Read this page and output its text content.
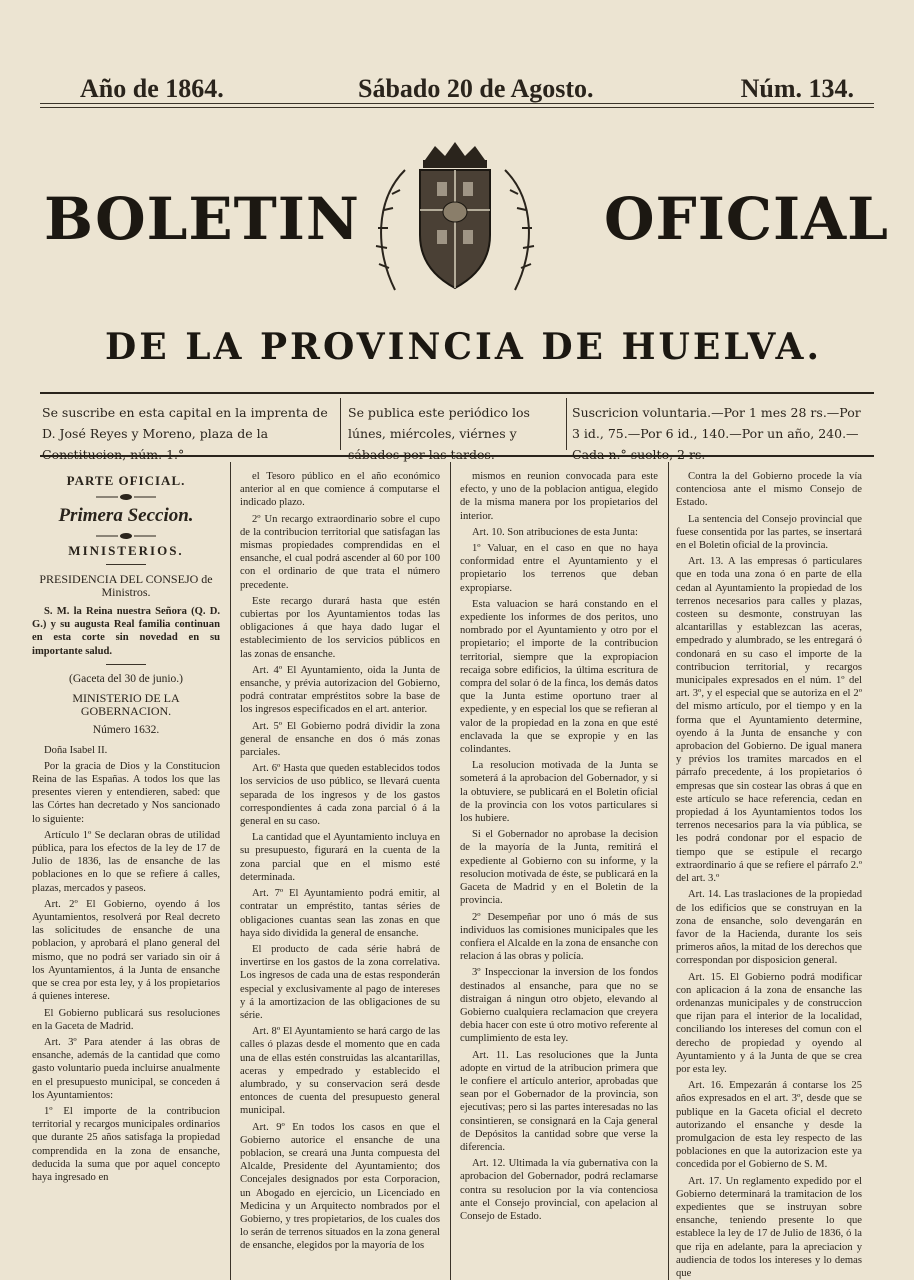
Año de 1864.	Sábado 20 de Agosto.	Núm. 134.
BOLETIN	OFICIAL
DE LA PROVINCIA DE HUELVA.
Se suscribe en esta capital en la imprenta de D. José Reyes y Moreno, plaza de la Constitucion, núm. 1.°
Se publica este periódico los lúnes, miércoles, viérnes y sábados por las tardes.
Suscricion voluntaria.—Por 1 mes 28 rs.—Por 3 id., 75.—Por 6 id., 140.—Por un año, 240.—Cada n.° suelto, 2 rs.

PARTE OFICIAL.

Primera Seccion.

MINISTERIOS.

PRESIDENCIA DEL CONSEJO de Ministros.

S. M. la Reina nuestra Señora (Q. D. G.) y su augusta Real familia continuan en esta corte sin novedad en su importante salud.

(Gaceta del 30 de junio.)

MINISTERIO DE LA GOBERNACION.

Número 1632.

Doña Isabel II.

Por la gracia de Dios y la Constitucion Reina de las Españas. A todos los que las presentes vieren y entendieren, sabed: que las Córtes han decretado y Nos sancionado lo siguiente:

Artículo 1º Se declaran obras de utilidad pública, para los efectos de la ley de 17 de Julio de 1836, las de ensanche de las poblaciones en lo que se refiere á calles, plazas, mercados y paseos.

Art. 2º El Gobierno, oyendo á los Ayuntamientos, resolverá por Real decreto las solicitudes de ensanche de una poblacion, y aprobará el plano general del mismo, que no podrá ser variado sin oir á los Ayuntamientos, á la Junta de ensanche que se crea por esta ley, y á los propietarios á quienes interese.

El Gobierno publicará sus resoluciones en la Gaceta de Madrid.

Art. 3º Para atender á las obras de ensanche, además de la cantidad que como gasto voluntario pueda incluirse anualmente en el presupuesto municipal, se conceden á los Ayuntamientos:

1º El importe de la contribucion territorial y recargos municipales ordinarios que durante 25 años satisfaga la propiedad comprendida en la zona de ensanche, deducida la suma que por aquel concepto haya ingresado en

el Tesoro público en el año económico anterior al en que comience á computarse el indicado plazo.

2º Un recargo extraordinario sobre el cupo de la contribucion territorial que satisfagan las mismas propiedades comprendidas en el ensanche, el cual podrá ascender al 60 por 100 con el ordinario de que trata el número precedente.

Este recargo durará hasta que estén cubiertas por los Ayuntamientos todas las obligaciones á que haya dado lugar el establecimiento de los servicios públicos en las zonas de ensanche.

Art. 4º El Ayuntamiento, oida la Junta de ensanche, y prévia autorizacion del Gobierno, podrá contratar empréstitos sobre la base de los ingresos especificados en el art. anterior.

Art. 5º El Gobierno podrá dividir la zona general de ensanche en dos ó más zonas parciales.

Art. 6º Hasta que queden establecidos todos los servicios de uso público, se llevará cuenta separada de los ingresos y de los gastos correspondientes á cada zona parcial ó á la general en su caso.

La cantidad que el Ayuntamiento incluya en su presupuesto, figurará en la cuenta de la zona parcial que en el mismo esté determinada.

Art. 7º El Ayuntamiento podrá emitir, al contratar un empréstito, tantas séries de obligaciones cuantas sean las zonas en que haya sido dividida la general de ensanche.

El producto de cada série habrá de invertirse en los gastos de la zona correlativa. Los ingresos de cada una de estas responderán especial y exclusivamente al pago de intereses y á la amortizacion de las obligaciones de su série.

Art. 8º El Ayuntamiento se hará cargo de las calles ó plazas desde el momento que en cada una de ellas estén construidas las alcantarillas, aceras y empedrado y establecido el alumbrado, y su conservacion será desde entonces de cuenta del presupuesto general municipal.

Art. 9º En todos los casos en que el Gobierno autorice el ensanche de una poblacion, se creará una Junta compuesta del Alcalde, Presidente del Ayuntamiento; dos Concejales designados por esta Corporacion, un Abogado en ejercicio, un Licenciado en Medicina y un Arquitecto nombrados por el Gobierno, y tres propietarios, de los cuales dos lo serán de terrenos situados en la zona general de ensanche, elegidos por la mayoría de los

mismos en reunion convocada para este efecto, y uno de la poblacion antigua, elegido de la misma manera por los propietarios del interior.

Art. 10. Son atribuciones de esta Junta:

1º Valuar, en el caso en que no haya conformidad entre el Ayuntamiento y el propietario los terrenos que deban expropiarse.

Esta valuacion se hará constando en el expediente los informes de dos peritos, uno nombrado por el Ayuntamiento y otro por el propietario; el importe de la contribucion territorial, siempre que la expropiacion recaiga sobre edificios, la última escritura de compra del solar ó de la finca, los demás datos que la Junta estime oportuno traer al expediente, y en especial los que se refieran al valor de la propiedad en la zona en que esté enclavada la que se expropie y en las colindantes.

La resolucion motivada de la Junta se someterá á la aprobacion del Gobernador, y si la obtuviere, se publicará en el Boletin oficial de la provincia con los votos particulares si los hubiere.

Si el Gobernador no aprobase la decision de la mayoría de la Junta, remitirá el expediente al Gobierno con su informe, y la resolucion motivada de éste, se publicará en la Gaceta de Madrid y en el Boletin de la provincia.

2º Desempeñar por uno ó más de sus individuos las comisiones municipales que les confiera el Alcalde en la zona de ensanche con relacion á las obras y policía.

3º Inspeccionar la inversion de los fondos destinados al ensanche, para que no se distraigan á ningun otro objeto, elevando al Gobierno cualquiera reclamacion que creyera debia hacer con este ú otro motivo referente al cumplimiento de esta ley.

Art. 11. Las resoluciones que la Junta adopte en virtud de la atribucion primera que le confiere el artículo anterior, aprobadas que sean por el Gobernador de la provincia, son ejecutivas; pero si las partes interesadas no las consintieren, se consignará en la Caja general de Depósitos la cantidad sobre que verse la diferencia.

Art. 12. Ultimada la vía gubernativa con la aprobacion del Gobernador, podrá reclamarse contra su resolucion por la vía contenciosa ante el Consejo provincial, con apelacion al Consejo de Estado.

Contra la del Gobierno procede la vía contenciosa ante el mismo Consejo de Estado.

La sentencia del Consejo provincial que fuese consentida por las partes, se insertará en el Boletin oficial de la provincia.

Art. 13. A las empresas ó particulares que en toda una zona ó en parte de ella cedan al Ayuntamiento la propiedad de los terrenos necesarios para calles y plazas, costeen su desmonte, construyan las alcantarillas y establezcan las aceras, empedrado y alumbrado, se les entregará ó condonará en su caso el importe de la contribucion territorial, y recargos municipales expresados en el núm. 1º del art. 3º, y el especial que se autoriza en el 2º del mismo artículo, por el tiempo y en la forma que el Ayuntamiento determine, oyendo á la Junta de ensanche y con aprobacion del Gobierno. De igual manera y prévios los tramites marcados en el párrafo precedente, á los propietarios ó empresas que sin costear las obras á que en este artículo se hace referencia, cedan en propiedad á los Ayuntamientos todos los terrenos necesarios para la vía pública, se les podrá condonar por el espacio de tiempo que se estipule el recargo extraordinario á que se refiere el párrafo 2.º del art. 3.º

Art. 14. Las traslaciones de la propiedad de los edificios que se construyan en la zona de ensanche, solo devengarán en favor de la Hacienda, durante los seis primeros años, la mitad de los derechos que correspondan por disposicion general.

Art. 15. El Gobierno podrá modificar con aplicacion á la zona de ensanche las ordenanzas municipales y de construccion que rijan para el interior de la localidad, conciliando los intereses del comun con el derecho de propiedad y oyendo al Ayuntamiento y á la Junta de que se crea por esta ley.

Art. 16. Empezarán á contarse los 25 años expresados en el art. 3º, desde que se publique en la Gaceta oficial el decreto autorizando el ensanche y desde la promulgacion de esta ley respecto de las poblaciones en que la autorizacion este ya concedida por el Gobierno de S. M.

Art. 17. Un reglamento expedido por el Gobierno determinará la tramitacion de los expedientes que se instruyan sobre ensanche, teniendo presente lo que establece la ley de 17 de Julio de 1836, ó la que rija en adelante, para la apreciacion y audiencia de todos los intereses y lo demas que
